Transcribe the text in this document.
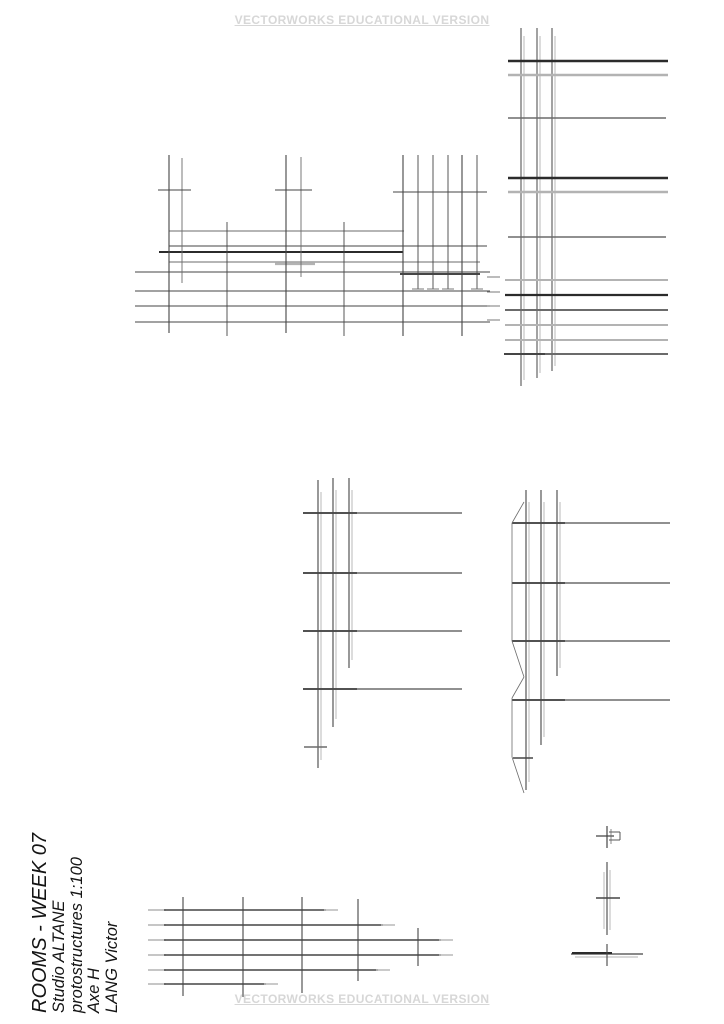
VECTORWORKS EDUCATIONAL VERSION
ROOMS - WEEK 07 Studio ALTANE protostructures 1:100 Axe H LANG Victor	VECTORWORKS EDUCATIONAL VERSION
